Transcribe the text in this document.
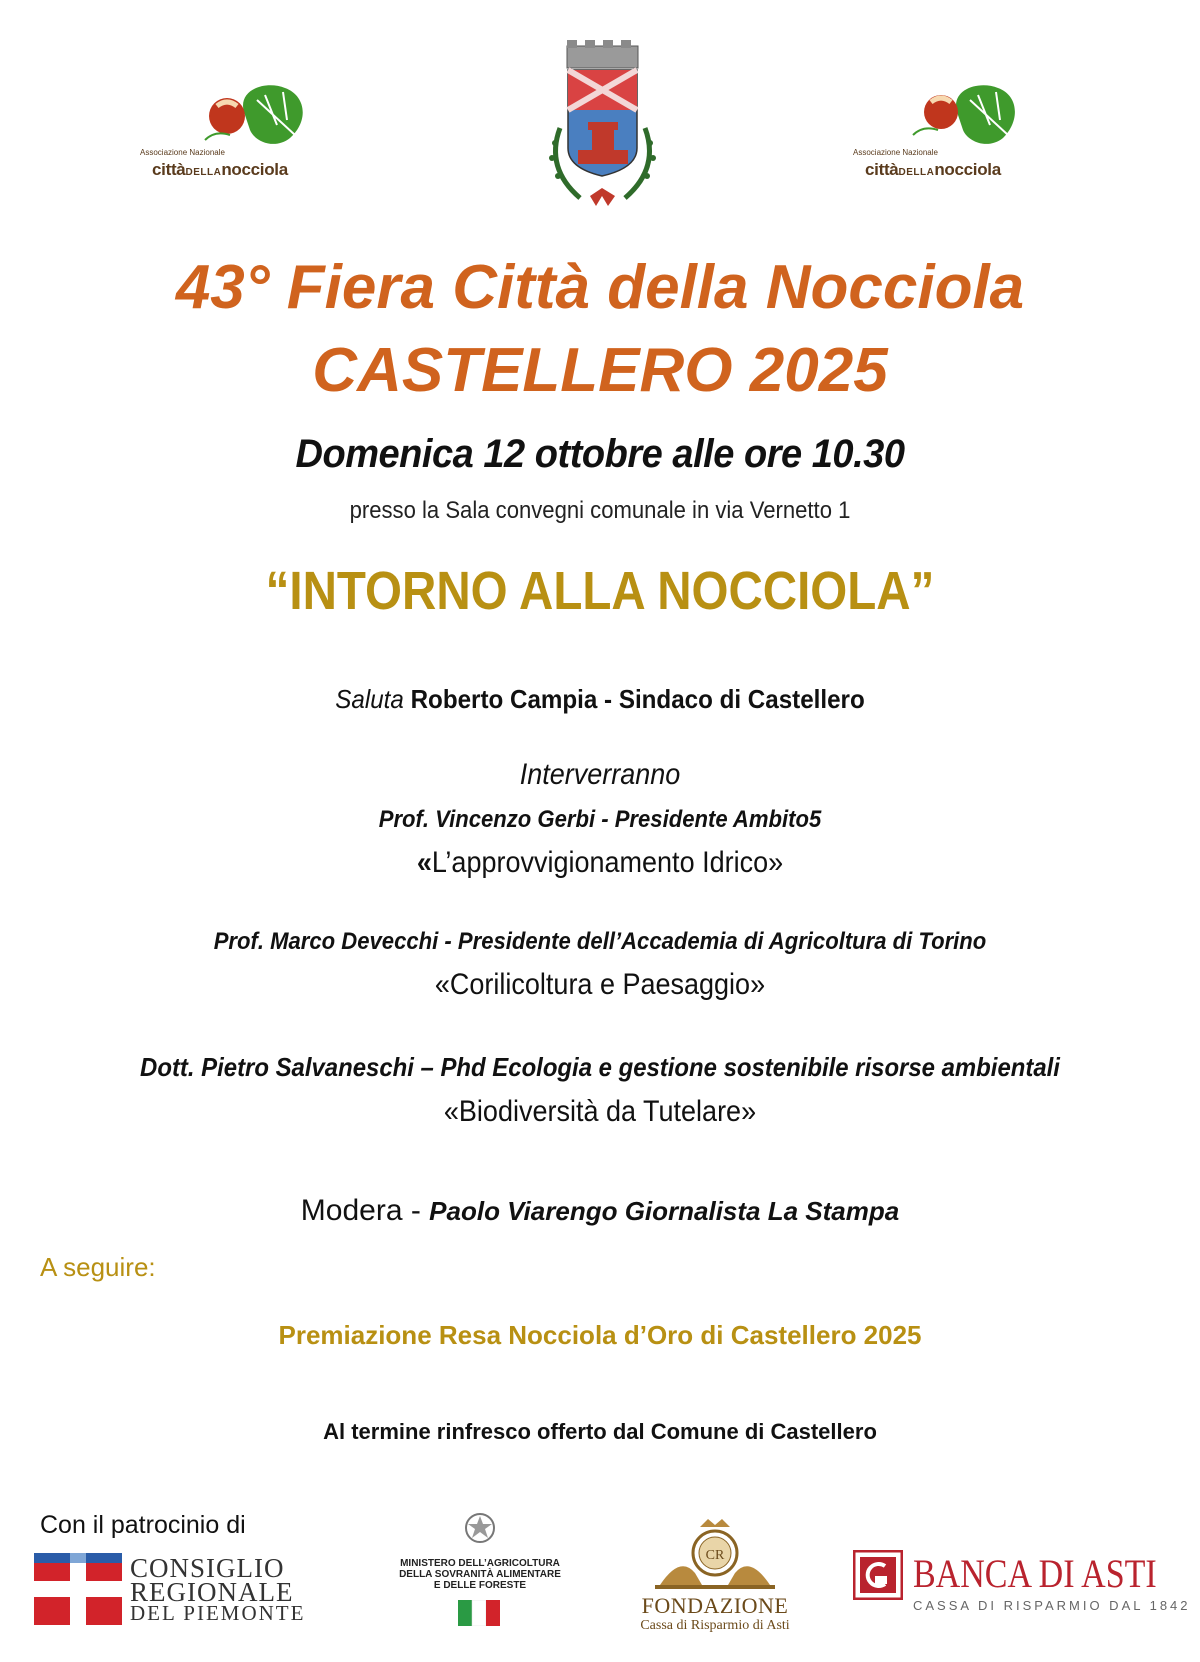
Associazione Nazionale
cittàDELLAnocciola
Associazione Nazionale
cittàDELLAnocciola
43° Fiera Città della Nocciola
CASTELLERO 2025
Domenica 12 ottobre alle ore 10.30
presso la Sala convegni comunale in via Vernetto 1
“INTORNO ALLA NOCCIOLA”
Saluta Roberto Campia - Sindaco di Castellero
Interverranno
Prof. Vincenzo Gerbi - Presidente Ambito5
«L’approvvigionamento Idrico»
Prof. Marco Devecchi - Presidente dell’Accademia di Agricoltura di Torino
«Corilicoltura e Paesaggio»
Dott. Pietro Salvaneschi – Phd Ecologia e gestione sostenibile risorse ambientali
«Biodiversità da Tutelare»
Modera - Paolo Viarengo Giornalista La Stampa
A seguire:
Premiazione Resa Nocciola d’Oro di Castellero 2025
Al termine rinfresco offerto dal Comune di Castellero
Con il patrocinio di
CONSIGLIO
REGIONALE
DEL PIEMONTE
MINISTERO DELL’AGRICOLTURA
DELLA SOVRANITÀ ALIMENTARE
E DELLE FORESTE
CR
FONDAZIONE
Cassa di Risparmio di Asti
BANCA DI ASTI
CASSA DI RISPARMIO DAL 1842
